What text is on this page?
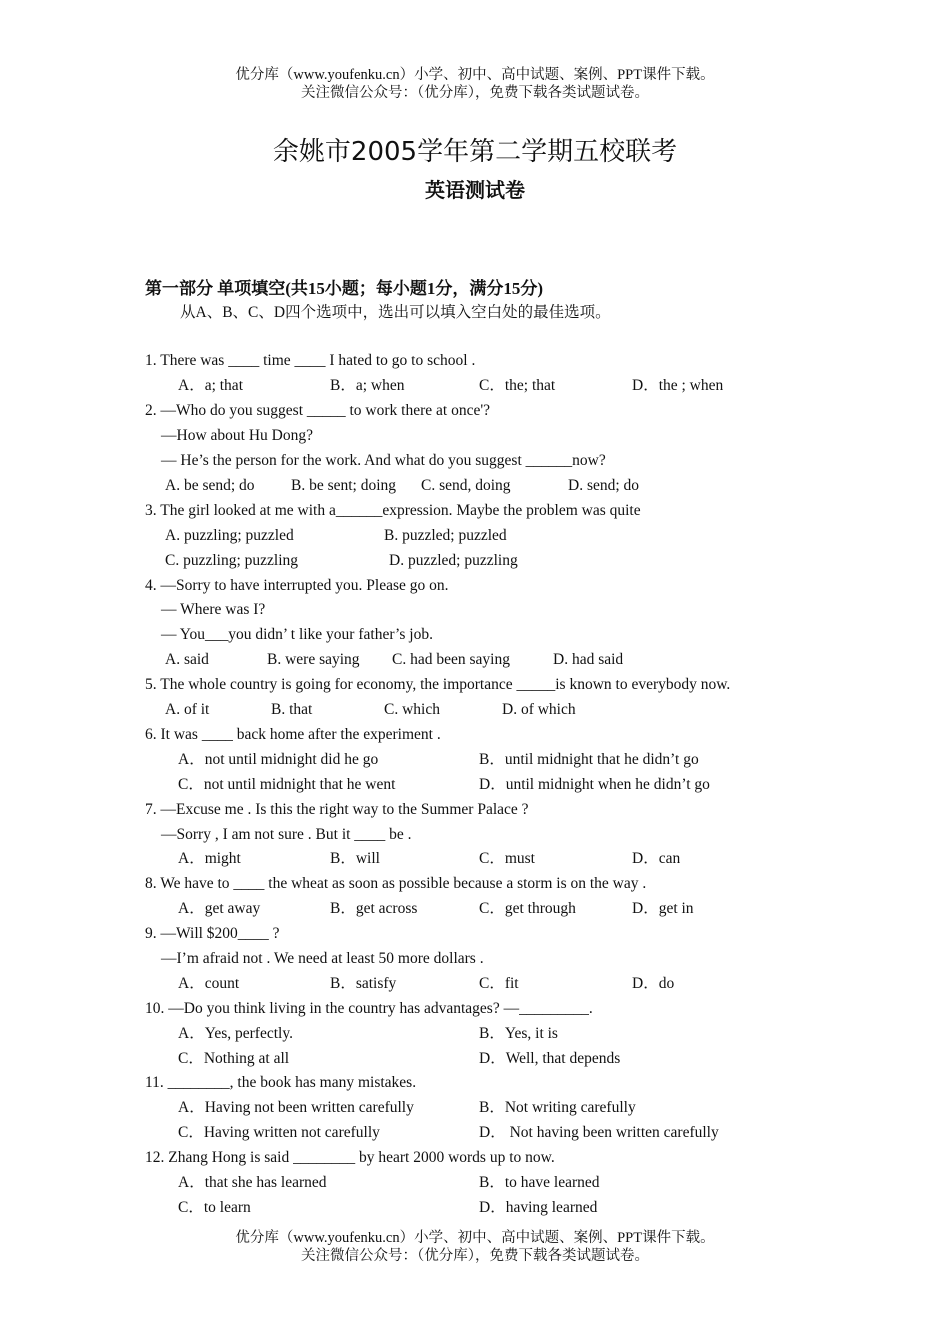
优分库（www.youfenku.cn）小学、初中、高中试题、案例、PPT课件下载。
关注微信公众号：（优分库），免费下载各类试题试卷。
余姚市2005学年第二学期五校联考
英语测试卷
第一部分 单项填空(共15小题；每小题1分，满分15分)
从A、B、C、D四个选项中，选出可以填入空白处的最佳选项。
1. There was ____ time ____ I hated to go to school .
A．a; that	B．a; when	C．the; that	D．the ; when
2. —Who do you suggest _____ to work there at once'?
—How about Hu Dong?
— He’s the person for the work. And what do you suggest ______now?
A. be send; do B. be sent; doing C. send, doing	D. send; do
3. The girl looked at me with a______expression. Maybe the problem was quite
A. puzzling; puzzled	B. puzzled; puzzled
C. puzzling; puzzling	D. puzzled; puzzling
4. —Sorry to have interrupted you. Please go on.
— Where was I?
— You___you didn’ t like your father’s job.
A. said	B. were saying C. had been saying	D. had said
5. The whole country is going for economy, the importance _____is known to everybody now.
A. of it	B. that	C. which	D. of which
6. It was ____ back home after the experiment .
A．not until midnight did he go	B．until midnight that he didn’t go
C．not until midnight that he went	D．until midnight when he didn’t go
7. —Excuse me . Is this the right way to the Summer Palace ?
—Sorry , I am not sure . But it ____ be .
A．might	B．will	C．must	D．can
8. We have to ____ the wheat as soon as possible because a storm is on the way .
A．get away	B．get across	C．get through	D．get in
9. —Will $200____ ?
—I’m afraid not . We need at least 50 more dollars .
A．count	B．satisfy	C．fit	D．do
10. —Do you think living in the country has advantages? —_________.
A．Yes, perfectly.	B．Yes, it is
C．Nothing at all	D．Well, that depends
11. ________, the book has many mistakes.
A．Having not been written carefully	B．Not writing carefully
C．Having written not carefully	D． Not having been written carefully
12. Zhang Hong is said ________ by heart 2000 words up to now.
A．that she has learned	B．to have learned
C．to learn	D．having learned
优分库（www.youfenku.cn）小学、初中、高中试题、案例、PPT课件下载。
关注微信公众号：（优分库），免费下载各类试题试卷。
